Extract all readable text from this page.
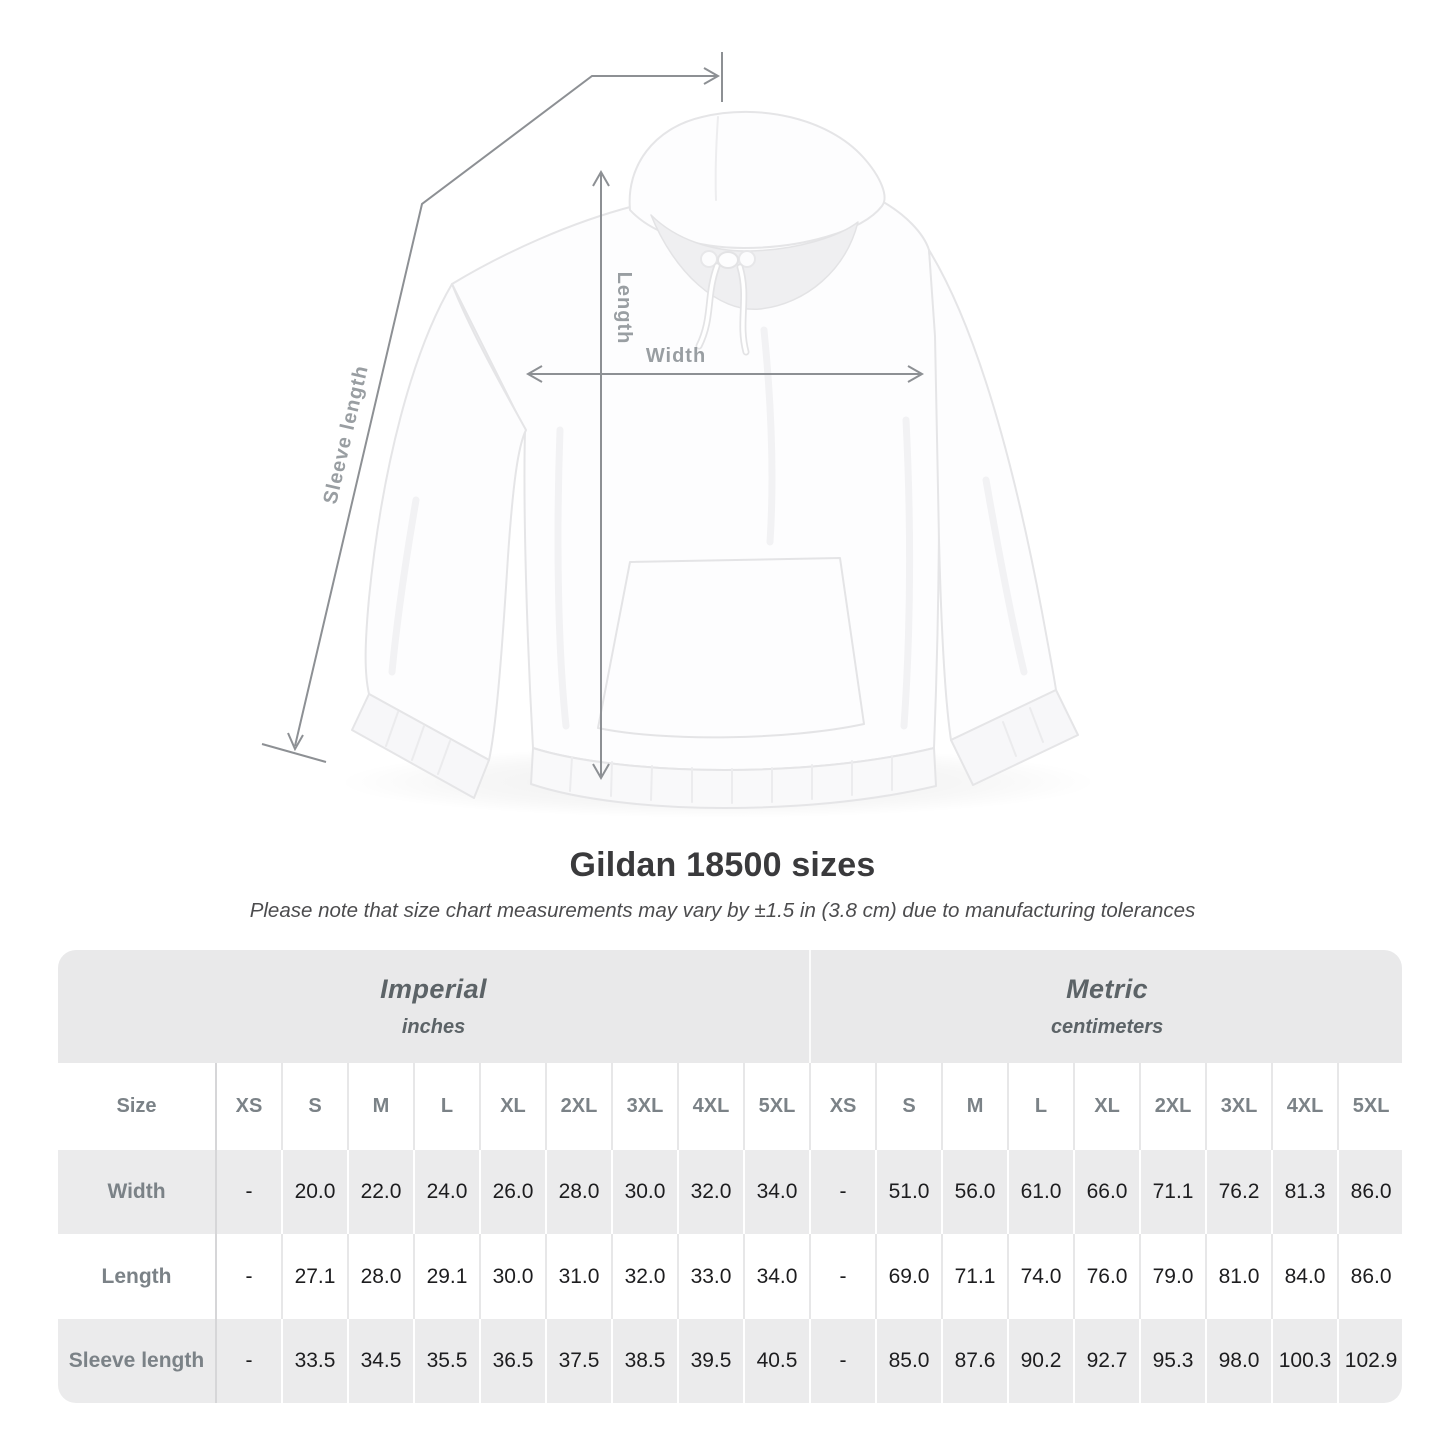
Sleeve length
Length
Width
Gildan 18500 sizes

Please note that size chart measurements may vary by ±1.5 in (3.8 cm) due to manufacturing tolerances

Imperial
inches

Metric
centimeters

Size	XS	S	M	L	XL	2XL	3XL	4XL	5XL	XS	S	M	L	XL	2XL	3XL	4XL	5XL
Width	-	20.0	22.0	24.0	26.0	28.0	30.0	32.0	34.0	-	51.0	56.0	61.0	66.0	71.1	76.2	81.3	86.0
Length	-	27.1	28.0	29.1	30.0	31.0	32.0	33.0	34.0	-	69.0	71.1	74.0	76.0	79.0	81.0	84.0	86.0
Sleeve length	-	33.5	34.5	35.5	36.5	37.5	38.5	39.5	40.5	-	85.0	87.6	90.2	92.7	95.3	98.0	100.3	102.9
